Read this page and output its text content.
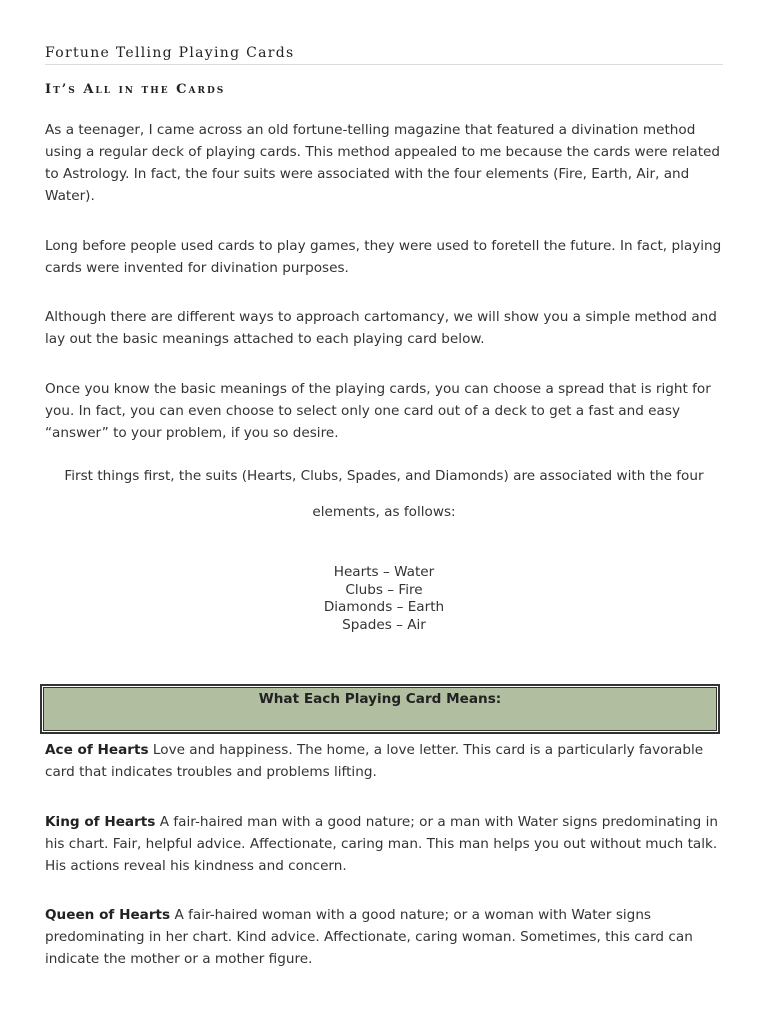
Fortune Telling Playing Cards
It’s All in the Cards

As a teenager, I came across an old fortune-telling magazine that featured a divination method using a regular deck of playing cards. This method appealed to me because the cards were related to Astrology. In fact, the four suits were associated with the four elements (Fire, Earth, Air, and Water).

Long before people used cards to play games, they were used to foretell the future. In fact, playing cards were invented for divination purposes.

Although there are different ways to approach cartomancy, we will show you a simple method and lay out the basic meanings attached to each playing card below.

Once you know the basic meanings of the playing cards, you can choose a spread that is right for you. In fact, you can even choose to select only one card out of a deck to get a fast and easy “answer” to your problem, if you so desire.

First things first, the suits (Hearts, Clubs, Spades, and Diamonds) are associated with the four

elements, as follows:

Hearts – Water
Clubs – Fire
Diamonds – Earth
Spades – Air

Ace of Hearts Love and happiness. The home, a love letter. This card is a particularly favorable card that indicates troubles and problems lifting.

King of Hearts A fair-haired man with a good nature; or a man with Water signs predominating in his chart. Fair, helpful advice. Affectionate, caring man. This man helps you out without much talk. His actions reveal his kindness and concern.

Queen of Hearts A fair-haired woman with a good nature; or a woman with Water signs predominating in her chart. Kind advice. Affectionate, caring woman. Sometimes, this card can indicate the mother or a mother figure.

What Each Playing Card Means:
